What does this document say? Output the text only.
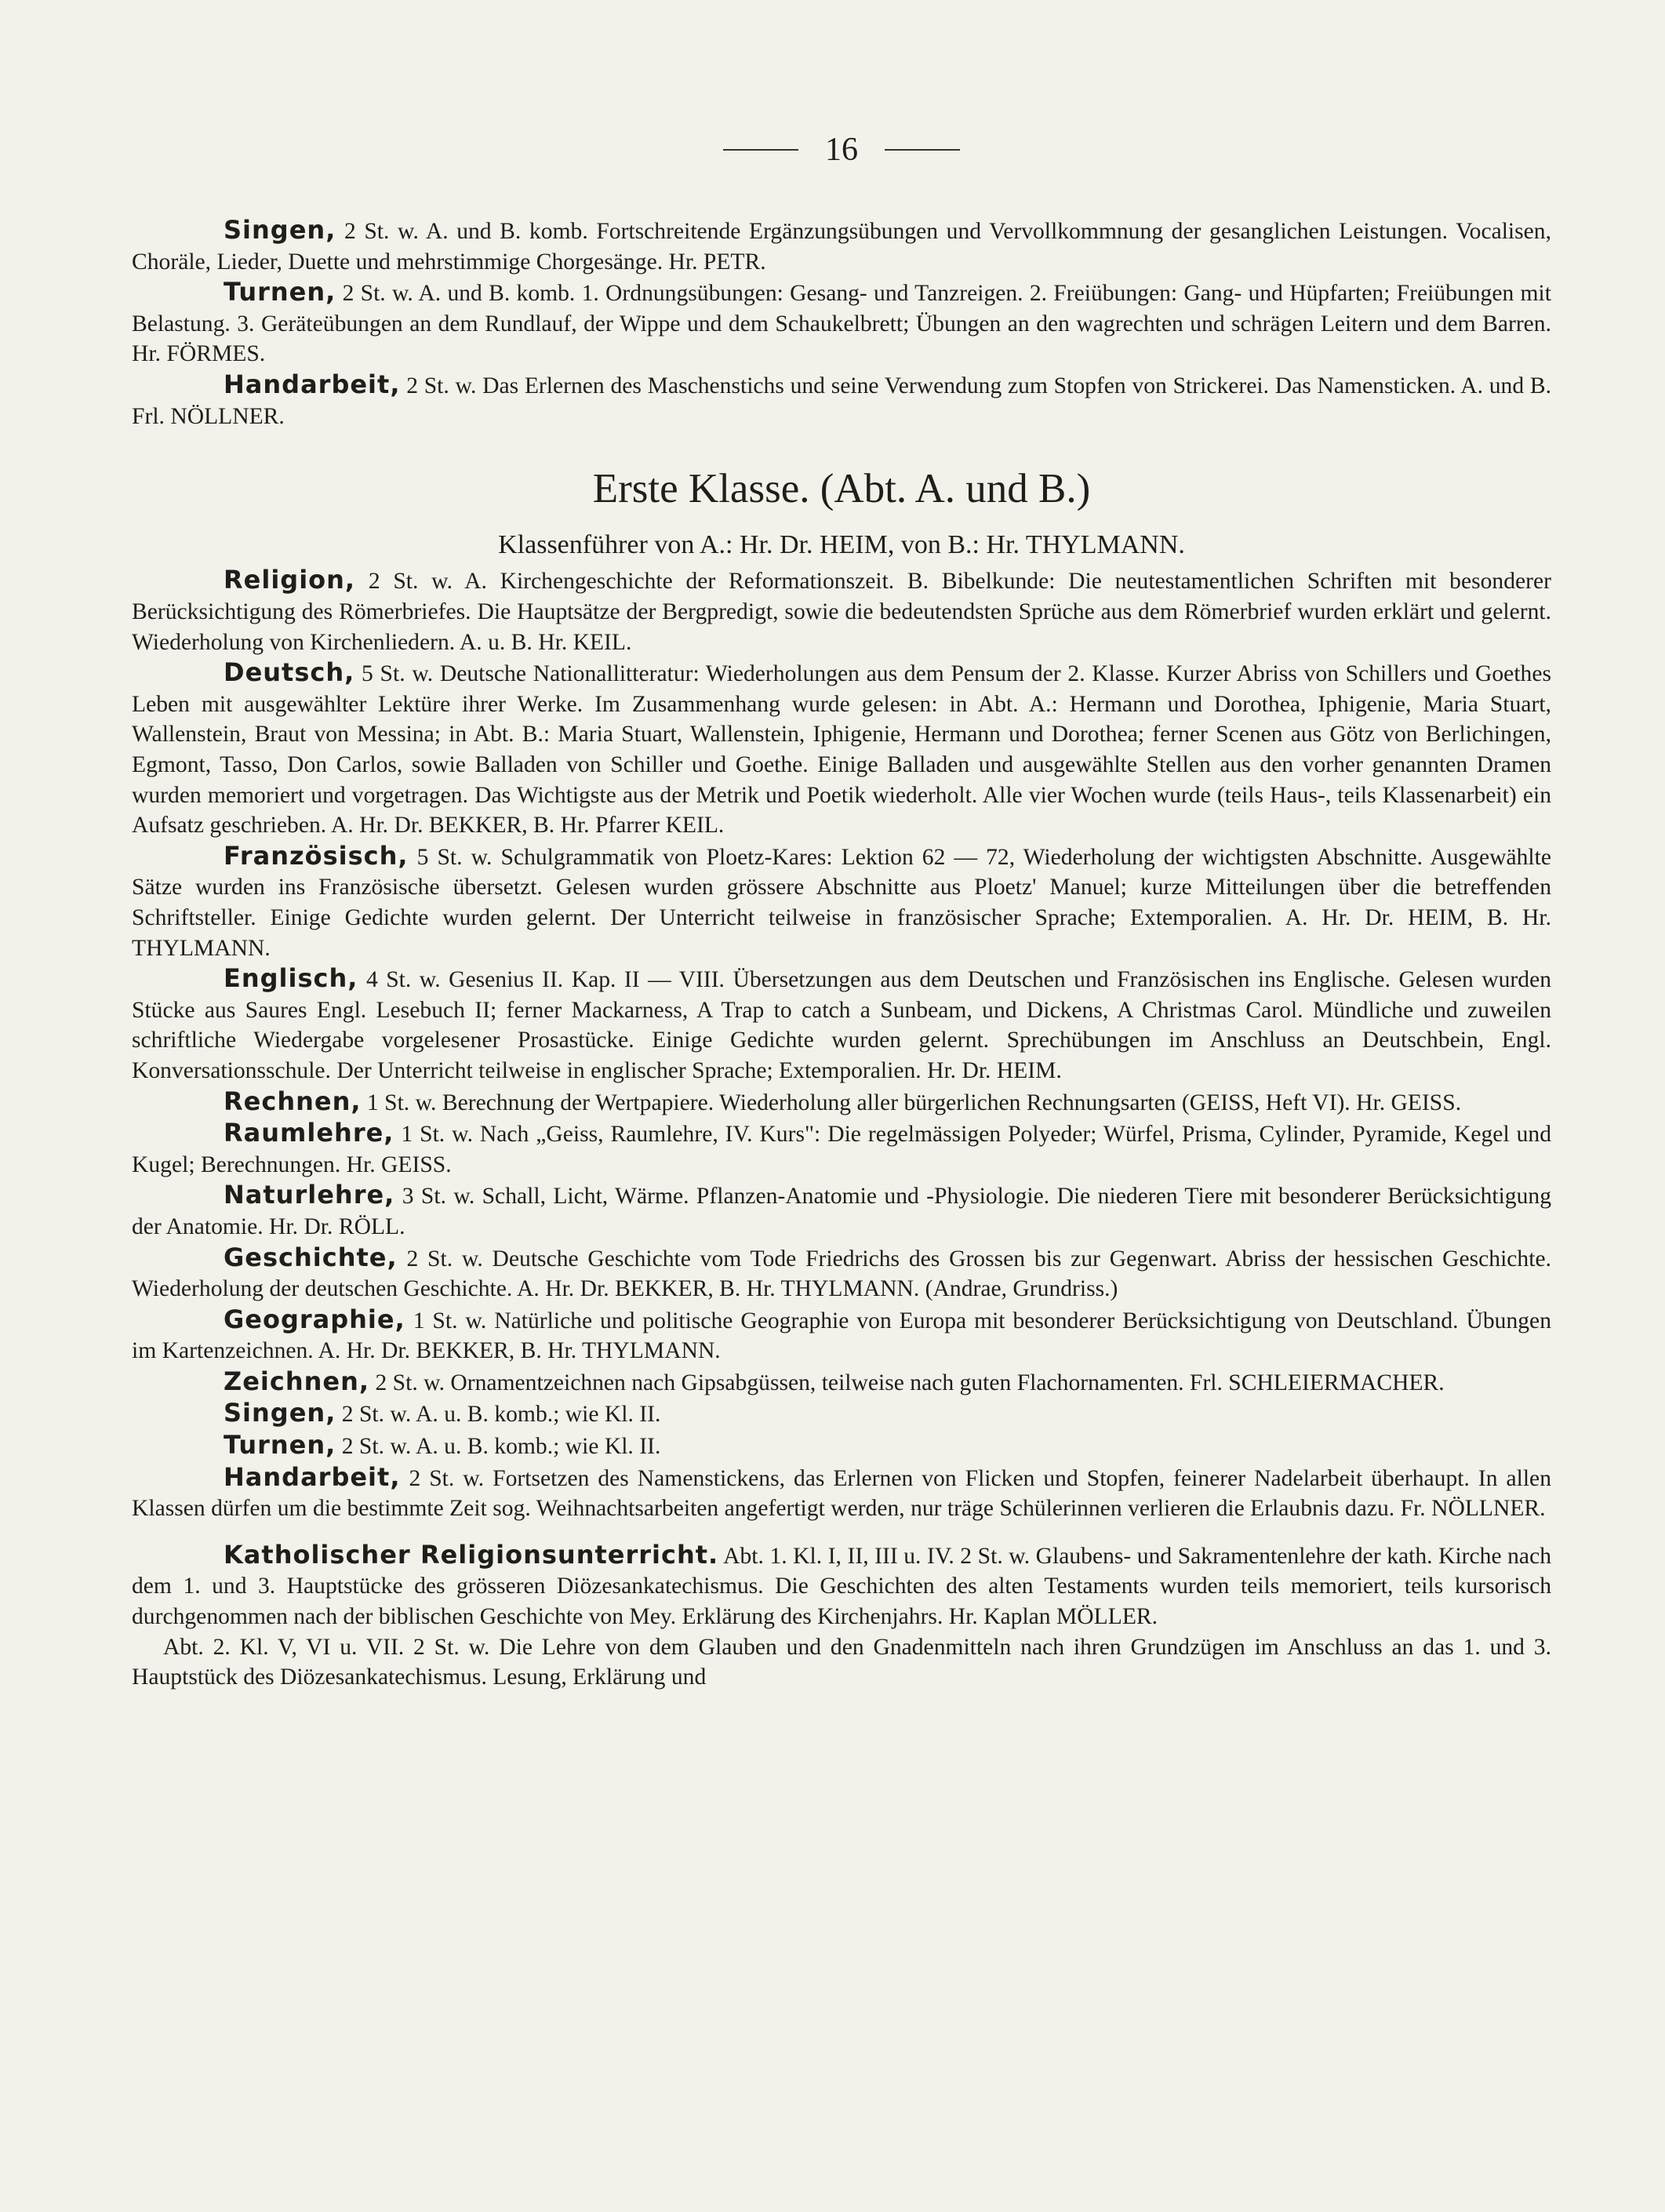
16

Singen, 2 St. w. A. und B. komb. Fortschreitende Ergänzungsübungen und Vervollkommnung der gesanglichen Leistungen. Vocalisen, Choräle, Lieder, Duette und mehrstimmige Chorgesänge. Hr. PETR.

Turnen, 2 St. w. A. und B. komb. 1. Ordnungsübungen: Gesang- und Tanzreigen. 2. Freiübungen: Gang- und Hüpfarten; Freiübungen mit Belastung. 3. Geräteübungen an dem Rundlauf, der Wippe und dem Schaukelbrett; Übungen an den wagrechten und schrägen Leitern und dem Barren. Hr. FÖRMES.

Handarbeit, 2 St. w. Das Erlernen des Maschenstichs und seine Verwendung zum Stopfen von Strickerei. Das Namensticken. A. und B. Frl. NÖLLNER.

Erste Klasse. (Abt. A. und B.)
Klassenführer von A.: Hr. Dr. HEIM, von B.: Hr. THYLMANN.

Religion, 2 St. w. A. Kirchengeschichte der Reformationszeit. B. Bibelkunde: Die neutestamentlichen Schriften mit besonderer Berücksichtigung des Römerbriefes. Die Hauptsätze der Bergpredigt, sowie die bedeutendsten Sprüche aus dem Römerbrief wurden erklärt und gelernt. Wiederholung von Kirchenliedern. A. u. B. Hr. KEIL.

Deutsch, 5 St. w. Deutsche Nationallitteratur: Wiederholungen aus dem Pensum der 2. Klasse. Kurzer Abriss von Schillers und Goethes Leben mit ausgewählter Lektüre ihrer Werke. Im Zusammenhang wurde gelesen: in Abt. A.: Hermann und Dorothea, Iphigenie, Maria Stuart, Wallenstein, Braut von Messina; in Abt. B.: Maria Stuart, Wallenstein, Iphigenie, Hermann und Dorothea; ferner Scenen aus Götz von Berlichingen, Egmont, Tasso, Don Carlos, sowie Balladen von Schiller und Goethe. Einige Balladen und ausgewählte Stellen aus den vorher genannten Dramen wurden memoriert und vorgetragen. Das Wichtigste aus der Metrik und Poetik wiederholt. Alle vier Wochen wurde (teils Haus-, teils Klassenarbeit) ein Aufsatz geschrieben. A. Hr. Dr. BEKKER, B. Hr. Pfarrer KEIL.

Französisch, 5 St. w. Schulgrammatik von Ploetz-Kares: Lektion 62 — 72, Wiederholung der wichtigsten Abschnitte. Ausgewählte Sätze wurden ins Französische übersetzt. Gelesen wurden grössere Abschnitte aus Ploetz' Manuel; kurze Mitteilungen über die betreffenden Schriftsteller. Einige Gedichte wurden gelernt. Der Unterricht teilweise in französischer Sprache; Extemporalien. A. Hr. Dr. HEIM, B. Hr. THYLMANN.

Englisch, 4 St. w. Gesenius II. Kap. II — VIII. Übersetzungen aus dem Deutschen und Französischen ins Englische. Gelesen wurden Stücke aus Saures Engl. Lesebuch II; ferner Mackarness, A Trap to catch a Sunbeam, und Dickens, A Christmas Carol. Mündliche und zuweilen schriftliche Wiedergabe vorgelesener Prosastücke. Einige Gedichte wurden gelernt. Sprechübungen im Anschluss an Deutschbein, Engl. Konversationsschule. Der Unterricht teilweise in englischer Sprache; Extemporalien. Hr. Dr. HEIM.

Rechnen, 1 St. w. Berechnung der Wertpapiere. Wiederholung aller bürgerlichen Rechnungsarten (GEISS, Heft VI). Hr. GEISS.

Raumlehre, 1 St. w. Nach „Geiss, Raumlehre, IV. Kurs": Die regelmässigen Polyeder; Würfel, Prisma, Cylinder, Pyramide, Kegel und Kugel; Berechnungen. Hr. GEISS.

Naturlehre, 3 St. w. Schall, Licht, Wärme. Pflanzen-Anatomie und -Physiologie. Die niederen Tiere mit besonderer Berücksichtigung der Anatomie. Hr. Dr. RÖLL.

Geschichte, 2 St. w. Deutsche Geschichte vom Tode Friedrichs des Grossen bis zur Gegenwart. Abriss der hessischen Geschichte. Wiederholung der deutschen Geschichte. A. Hr. Dr. BEKKER, B. Hr. THYLMANN. (Andrae, Grundriss.)

Geographie, 1 St. w. Natürliche und politische Geographie von Europa mit besonderer Berücksichtigung von Deutschland. Übungen im Kartenzeichnen. A. Hr. Dr. BEKKER, B. Hr. THYLMANN.

Zeichnen, 2 St. w. Ornamentzeichnen nach Gipsabgüssen, teilweise nach guten Flachornamenten. Frl. SCHLEIERMACHER.

Singen, 2 St. w. A. u. B. komb.; wie Kl. II.

Turnen, 2 St. w. A. u. B. komb.; wie Kl. II.

Handarbeit, 2 St. w. Fortsetzen des Namenstickens, das Erlernen von Flicken und Stopfen, feinerer Nadelarbeit überhaupt. In allen Klassen dürfen um die bestimmte Zeit sog. Weihnachtsarbeiten angefertigt werden, nur träge Schülerinnen verlieren die Erlaubnis dazu. Fr. NÖLLNER.

Katholischer Religionsunterricht. Abt. 1. Kl. I, II, III u. IV. 2 St. w. Glaubens- und Sakramentenlehre der kath. Kirche nach dem 1. und 3. Hauptstücke des grösseren Diözesankatechismus. Die Geschichten des alten Testaments wurden teils memoriert, teils kursorisch durchgenommen nach der biblischen Geschichte von Mey. Erklärung des Kirchenjahrs. Hr. Kaplan MÖLLER.

Abt. 2. Kl. V, VI u. VII. 2 St. w. Die Lehre von dem Glauben und den Gnadenmitteln nach ihren Grundzügen im Anschluss an das 1. und 3. Hauptstück des Diözesankatechismus. Lesung, Erklärung und
